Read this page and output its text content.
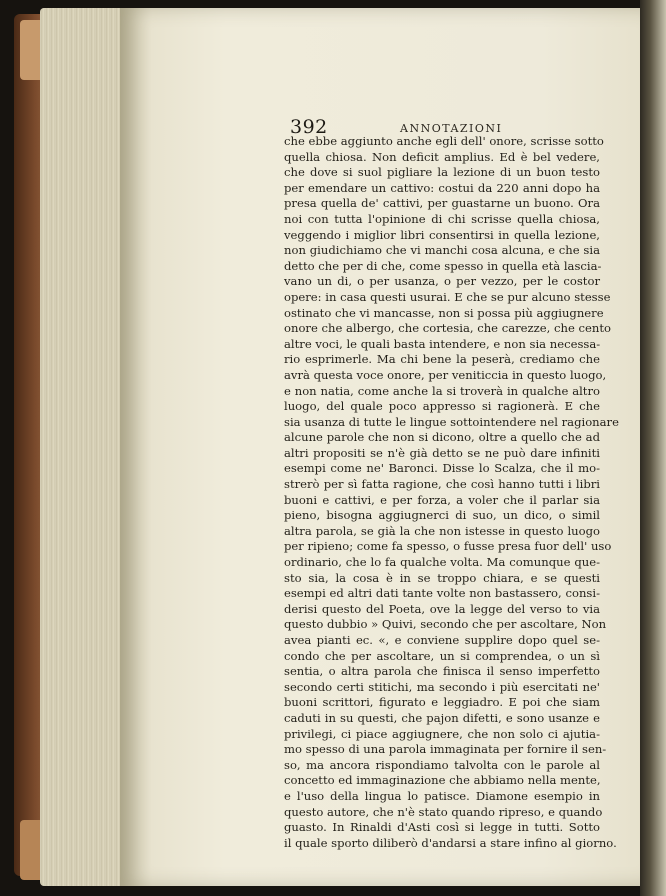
392	ANNOTAZIONI
che ebbe aggiunto anche egli dell' onore, scrisse sotto
quella chiosa. Non deficit amplius. Ed è bel vedere,
che dove si suol pigliare la lezione di un buon testo
per emendare un cattivo: costui da 220 anni dopo ha
presa quella de' cattivi, per guastarne un buono. Ora
noi con tutta l'opinione di chi scrisse quella chiosa,
veggendo i miglior libri consentirsi in quella lezione,
non giudichiamo che vi manchi cosa alcuna, e che sia
detto che per di che, come spesso in quella età lascia-
vano un di, o per usanza, o per vezzo, per le costor
opere: in casa questi usurai. E che se pur alcuno stesse
ostinato che vi mancasse, non si possa più aggiugnere
onore che albergo, che cortesia, che carezze, che cento
altre voci, le quali basta intendere, e non sia necessa-
rio esprimerle. Ma chi bene la peserà, crediamo che
avrà questa voce onore, per veniticcia in questo luogo,
e non natia, come anche la si troverà in qualche altro
luogo, del quale poco appresso si ragionerà. E che
sia usanza di tutte le lingue sottointendere nel ragionare
alcune parole che non si dicono, oltre a quello che ad
altri propositi se n'è già detto se ne può dare infiniti
esempi come ne' Baronci. Disse lo Scalza, che il mo-
strerò per sì fatta ragione, che così hanno tutti i libri
buoni e cattivi, e per forza, a voler che il parlar sia
pieno, bisogna aggiugnerci di suo, un dico, o simil
altra parola, se già la che non istesse in questo luogo
per ripieno; come fa spesso, o fusse presa fuor dell' uso
ordinario, che lo fa qualche volta. Ma comunque que-
sto sia, la cosa è in se troppo chiara, e se questi
esempi ed altri dati tante volte non bastassero, consi-
derisi questo del Poeta, ove la legge del verso to via
questo dubbio » Quivi, secondo che per ascoltare, Non
avea pianti ec. «, e conviene supplire dopo quel se-
condo che per ascoltare, un si comprendea, o un sì
sentia, o altra parola che finisca il senso imperfetto
secondo certi stitichi, ma secondo i più esercitati ne'
buoni scrittori, figurato e leggiadro. E poi che siam
caduti in su questi, che pajon difetti, e sono usanze e
privilegi, ci piace aggiugnere, che non solo ci ajutia-
mo spesso di una parola immaginata per fornire il sen-
so, ma ancora rispondiamo talvolta con le parole al
concetto ed immaginazione che abbiamo nella mente,
e l'uso della lingua lo patisce. Diamone esempio in
questo autore, che n'è stato quando ripreso, e quando
guasto. In Rinaldi d'Asti così si legge in tutti. Sotto
il quale sporto diliberò d'andarsi a stare infino al giorno.
